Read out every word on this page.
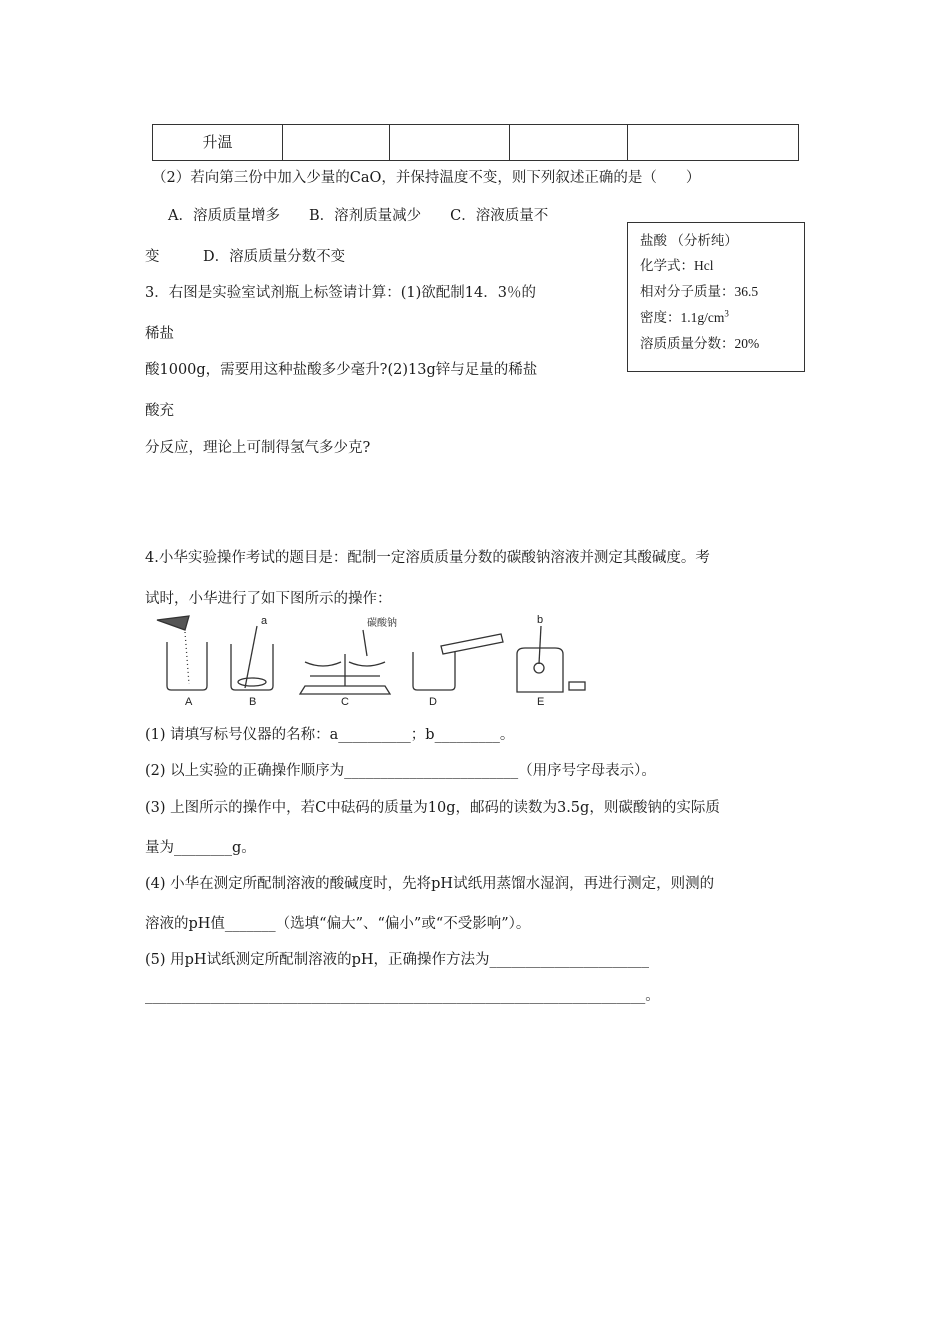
升温				
（2）若向第三份中加入少量的CaO，并保持温度不变，则下列叙述正确的是（　　）
A．溶质质量增多　　B．溶剂质量减少　　C．溶液质量不
变　　　D．溶质质量分数不变
3．右图是实验室试剂瓶上标签请计算：(1)欲配制14．3％的
稀盐
酸1000g，需要用这种盐酸多少毫升?(2)13g锌与足量的稀盐
酸充
分反应，理论上可制得氢气多少克?
盐酸 （分析纯）
化学式：Hcl
相对分子质量：36.5
密度：$1.1g/cm^3$
溶质质量分数：20%
4.小华实验操作考试的题目是：配制一定溶质质量分数的碳酸钠溶液并测定其酸碱度。考
试时，小华进行了如下图所示的操作：
a	b
碳酸钠
A	B	C	D	E
(1) 请填写标号仪器的名称：a__________；b_________。
(2) 以上实验的正确操作顺序为________________________（用序号字母表示）。
(3) 上图所示的操作中，若C中砝码的质量为10g，邮码的读数为3.5g，则碳酸钠的实际质
量为________g。
(4) 小华在测定所配制溶液的酸碱度时，先将pH试纸用蒸馏水湿润，再进行测定，则测的
溶液的pH值_______（选填“偏大”、“偏小”或“不受影响”）。
(5) 用pH试纸测定所配制溶液的pH，正确操作方法为______________________
_____________________________________________________________________。
